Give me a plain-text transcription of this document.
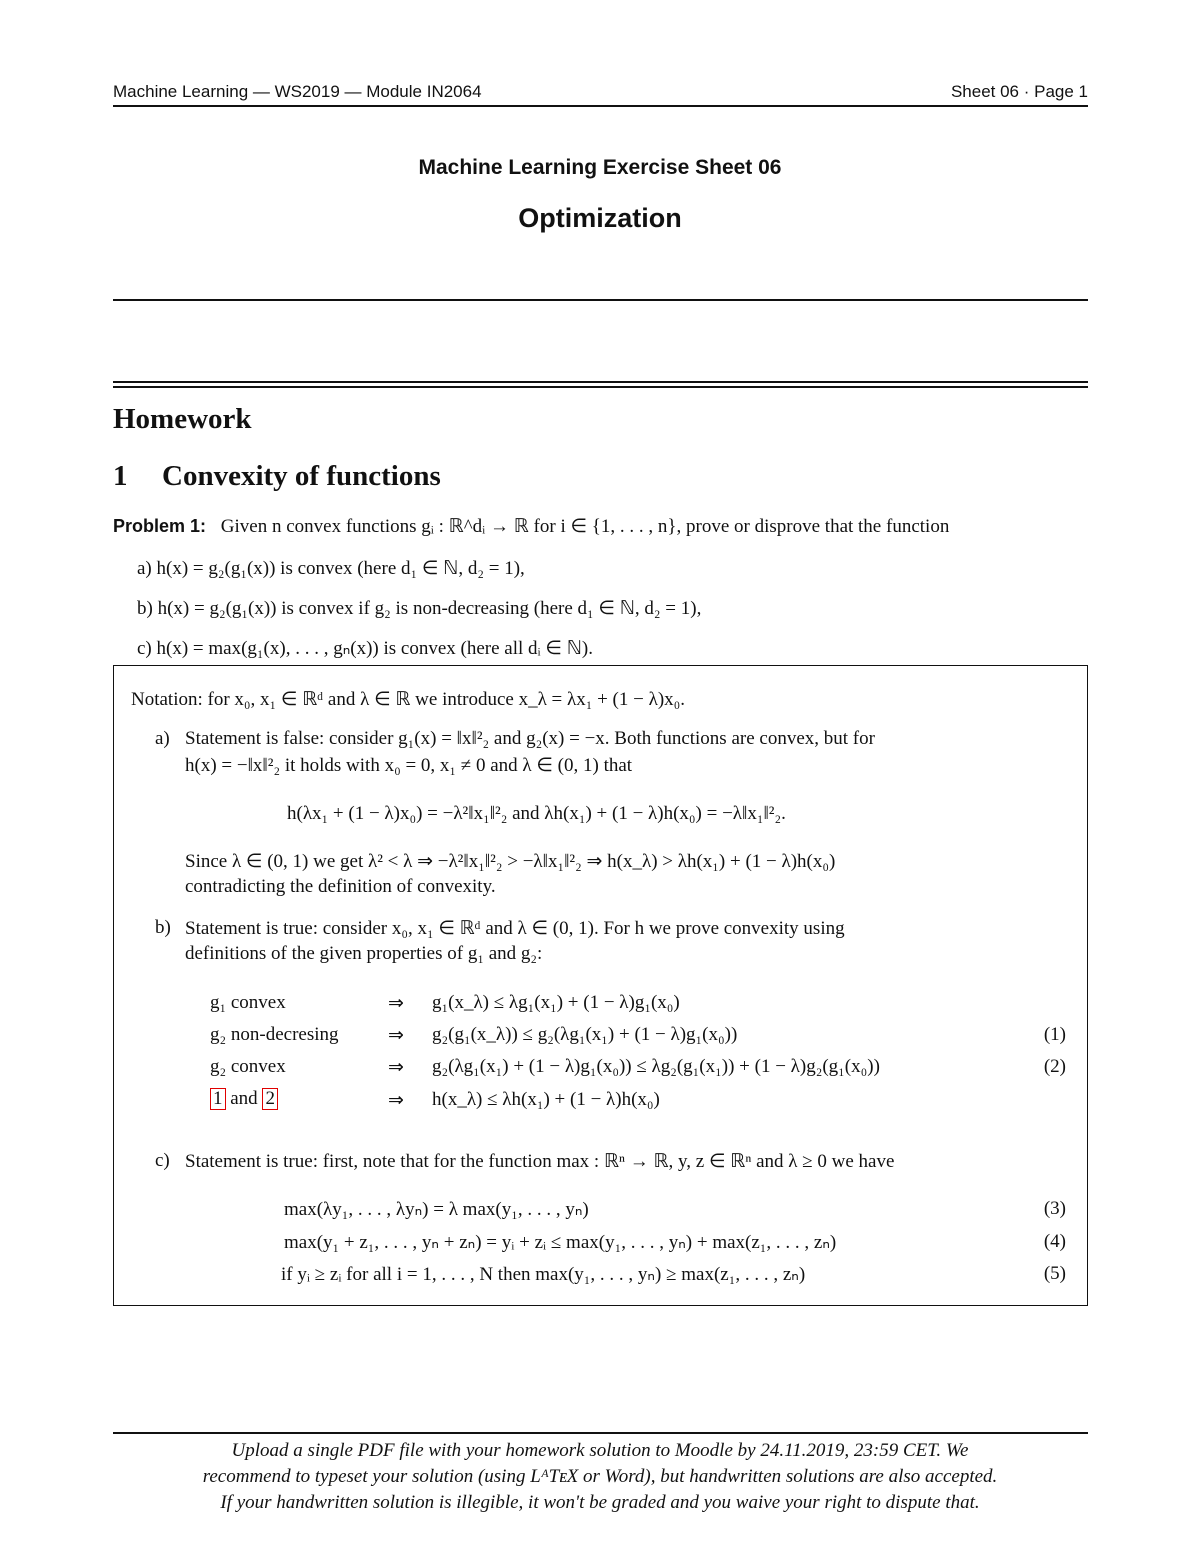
Machine Learning — WS2019 — Module IN2064	Sheet 06 · Page 1
Machine Learning Exercise Sheet 06
Optimization
Homework
1 Convexity of functions
Problem 1: Given n convex functions gᵢ : ℝ^dᵢ → ℝ for i ∈ {1, . . . , n}, prove or disprove that the function
a) h(x) = g₂(g₁(x)) is convex (here d₁ ∈ ℕ, d₂ = 1),
b) h(x) = g₂(g₁(x)) is convex if g₂ is non-decreasing (here d₁ ∈ ℕ, d₂ = 1),
c) h(x) = max(g₁(x), . . . , gₙ(x)) is convex (here all dᵢ ∈ ℕ).
Notation: for x₀, x₁ ∈ ℝᵈ and λ ∈ ℝ we introduce x_λ = λx₁ + (1 − λ)x₀.
a) Statement is false: consider g₁(x) = ‖x‖²₂ and g₂(x) = −x. Both functions are convex, but for
h(x) = −‖x‖²₂ it holds with x₀ = 0, x₁ ≠ 0 and λ ∈ (0, 1) that
h(λx₁ + (1 − λ)x₀) = −λ²‖x₁‖²₂ and λh(x₁) + (1 − λ)h(x₀) = −λ‖x₁‖²₂.
Since λ ∈ (0, 1) we get λ² < λ ⇒ −λ²‖x₁‖²₂ > −λ‖x₁‖²₂ ⇒ h(x_λ) > λh(x₁) + (1 − λ)h(x₀)
contradicting the definition of convexity.
b) Statement is true: consider x₀, x₁ ∈ ℝᵈ and λ ∈ (0, 1). For h we prove convexity using
definitions of the given properties of g₁ and g₂:
g₁ convex	⇒ g₁(x_λ) ≤ λg₁(x₁) + (1 − λ)g₁(x₀)
g₂ non-decresing	⇒ g₂(g₁(x_λ)) ≤ g₂(λg₁(x₁) + (1 − λ)g₁(x₀))	(1)
g₂ convex	⇒ g₂(λg₁(x₁) + (1 − λ)g₁(x₀)) ≤ λg₂(g₁(x₁)) + (1 − λ)g₂(g₁(x₀))	(2)
1 and 2	⇒ h(x_λ) ≤ λh(x₁) + (1 − λ)h(x₀)
c) Statement is true: first, note that for the function max : ℝⁿ → ℝ, y, z ∈ ℝⁿ and λ ≥ 0 we have
max(λy₁, . . . , λyₙ) = λ max(y₁, . . . , yₙ)	(3)
max(y₁ + z₁, . . . , yₙ + zₙ) = yᵢ + zᵢ ≤ max(y₁, . . . , yₙ) + max(z₁, . . . , zₙ)	(4)
if yᵢ ≥ zᵢ for all i = 1, . . . , N then max(y₁, . . . , yₙ) ≥ max(z₁, . . . , zₙ)	(5)
Upload a single PDF file with your homework solution to Moodle by 24.11.2019, 23:59 CET. We
recommend to typeset your solution (using LᴬTᴇX or Word), but handwritten solutions are also accepted.
If your handwritten solution is illegible, it won't be graded and you waive your right to dispute that.
